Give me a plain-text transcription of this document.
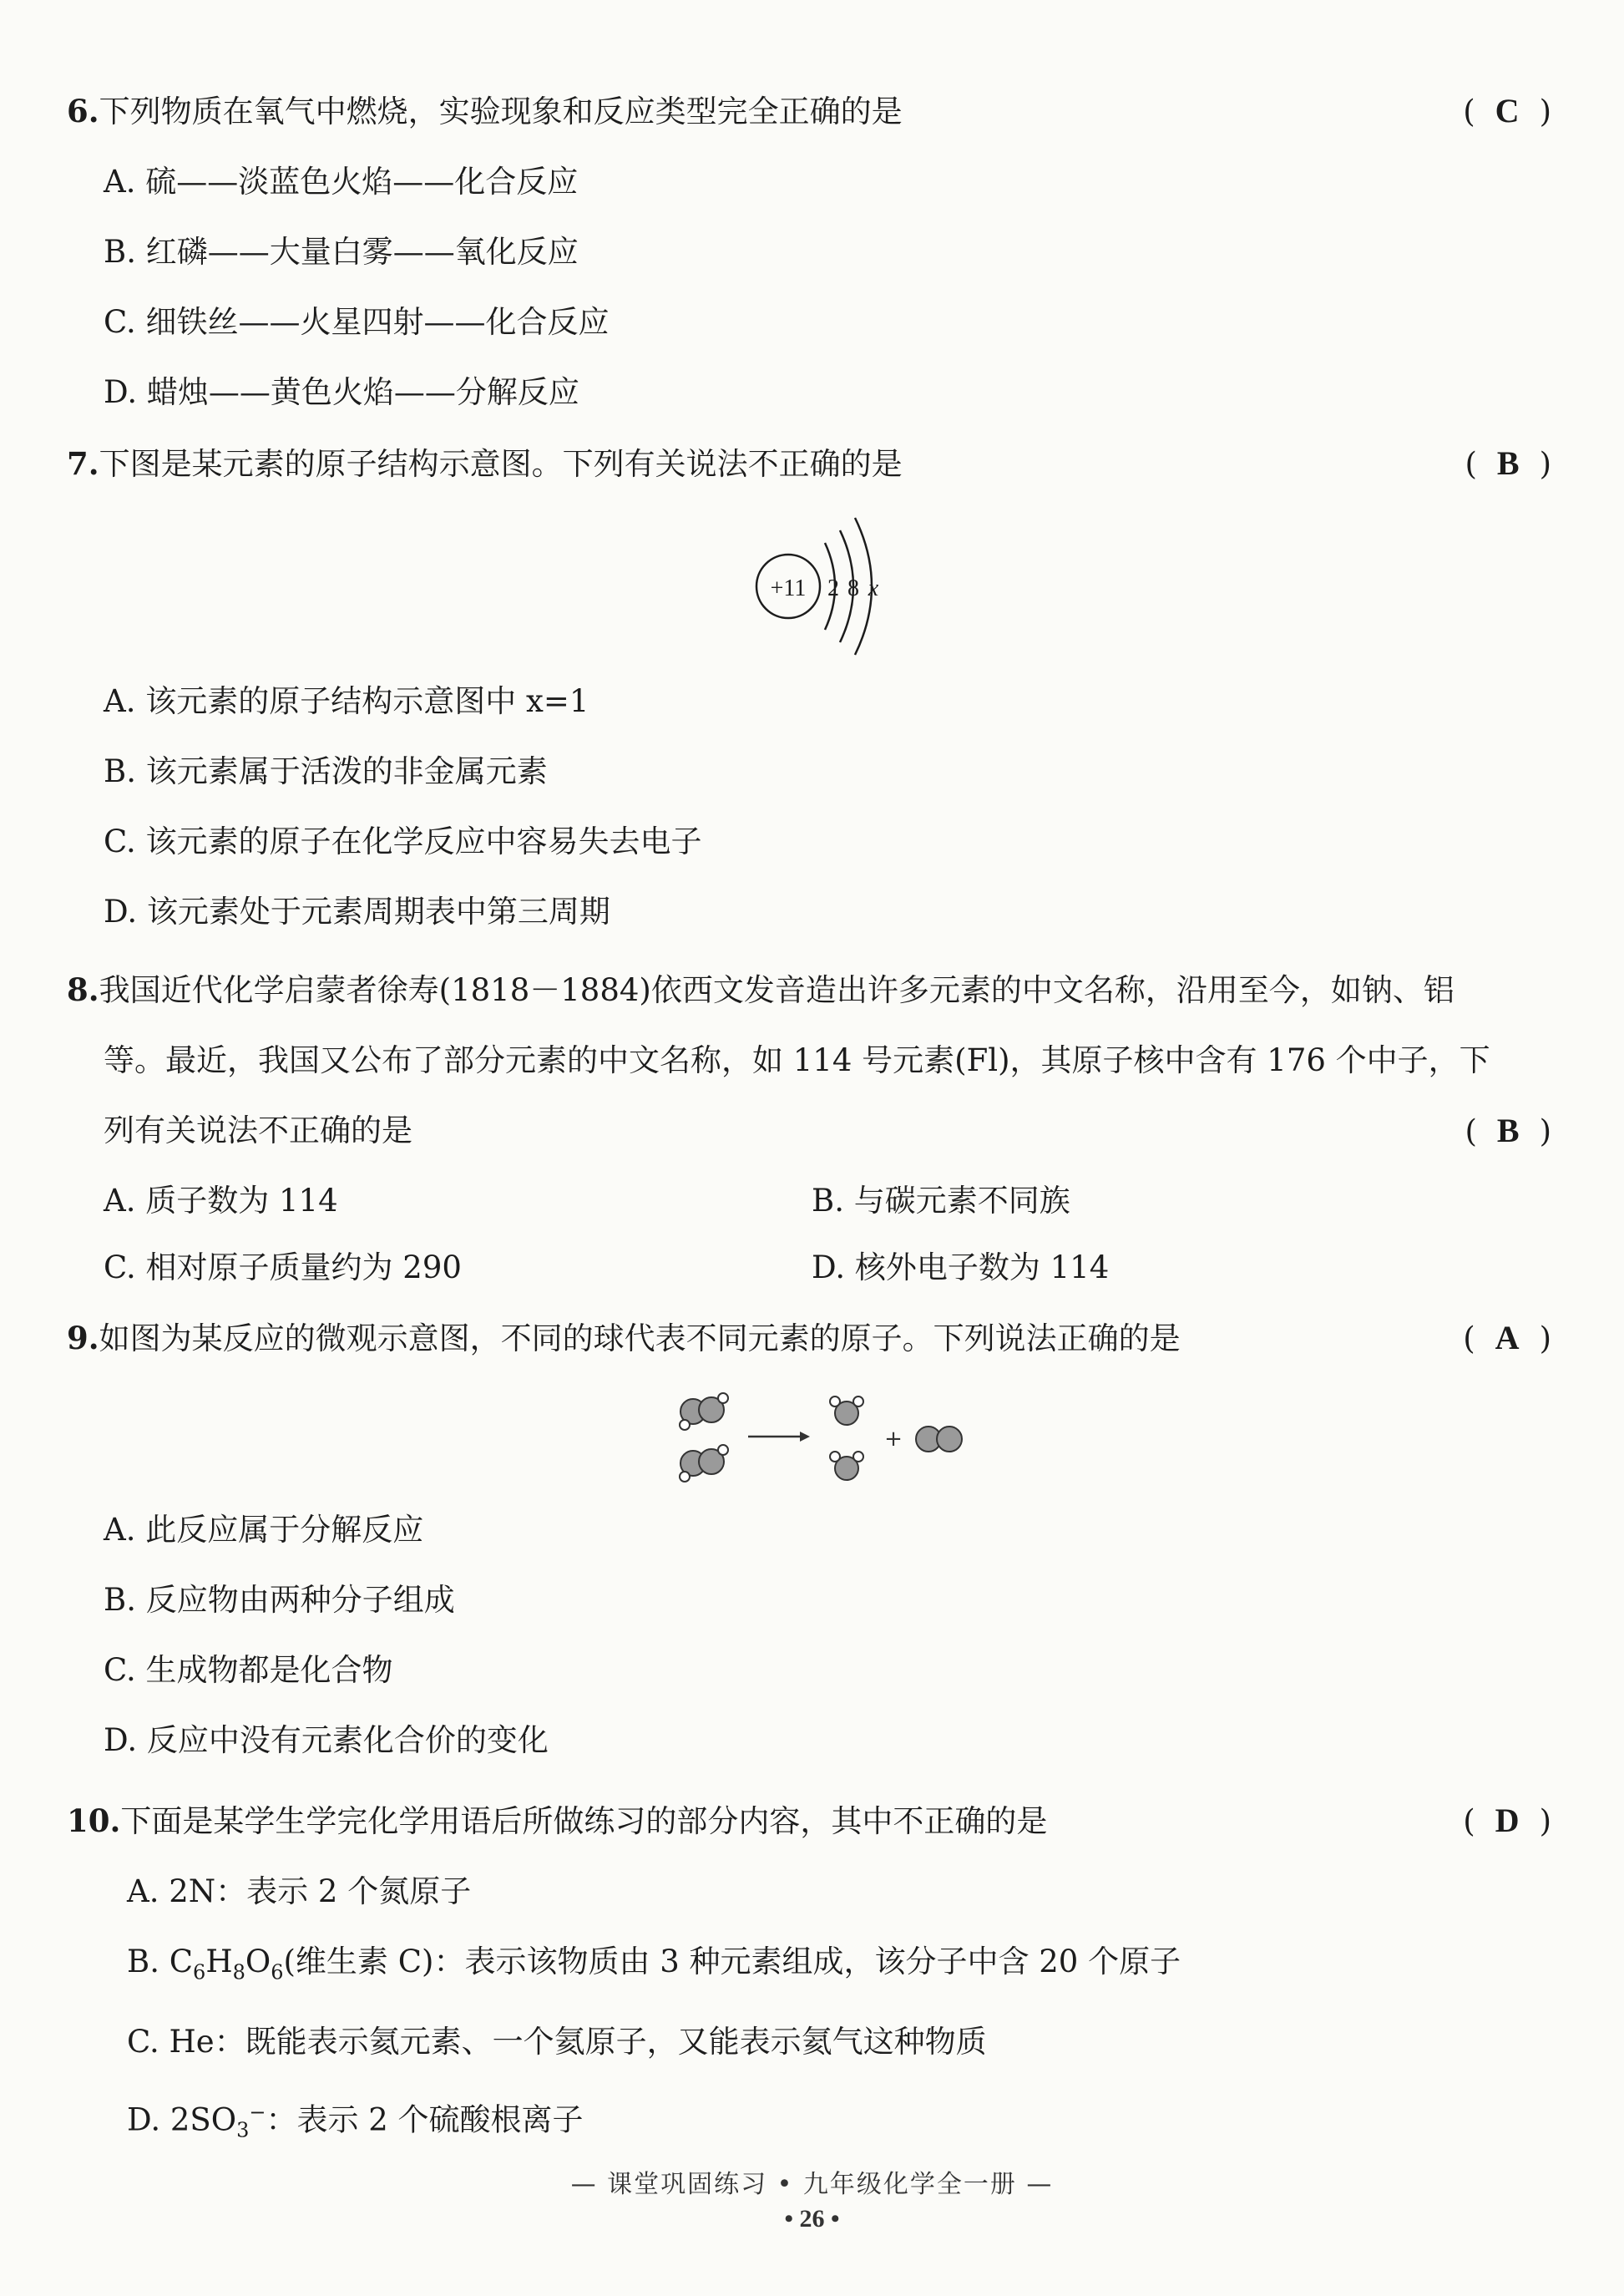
6.下列物质在氧气中燃烧，实验现象和反应类型完全正确的是	( C )
A. 硫——淡蓝色火焰——化合反应
B. 红磷——大量白雾——氧化反应
C. 细铁丝——火星四射——化合反应
D. 蜡烛——黄色火焰——分解反应
7.下图是某元素的原子结构示意图。下列有关说法不正确的是	( B )
+11 2 8 x
A. 该元素的原子结构示意图中 x=1
B. 该元素属于活泼的非金属元素
C. 该元素的原子在化学反应中容易失去电子
D. 该元素处于元素周期表中第三周期
8.我国近代化学启蒙者徐寿(1818－1884)依西文发音造出许多元素的中文名称，沿用至今，如钠、铝
等。最近，我国又公布了部分元素的中文名称，如 114 号元素(Fl)，其原子核中含有 176 个中子，下
列有关说法不正确的是	( B )
A. 质子数为 114	B. 与碳元素不同族
C. 相对原子质量约为 290	D. 核外电子数为 114
9.如图为某反应的微观示意图，不同的球代表不同元素的原子。下列说法正确的是	( A )
+
A. 此反应属于分解反应
B. 反应物由两种分子组成
C. 生成物都是化合物
D. 反应中没有元素化合价的变化
10.下面是某学生学完化学用语后所做练习的部分内容，其中不正确的是	( D )
A. 2N：表示 2 个氮原子
B. $C_6H_8O_6$(维生素 C)：表示该物质由 3 种元素组成，该分子中含 20 个原子
C. He：既能表示氦元素、一个氦原子，又能表示氦气这种物质
D. $2SO_3^-$：表示 2 个硫酸根离子
— 课堂巩固练习 • 九年级化学全一册 —
• 26 •
